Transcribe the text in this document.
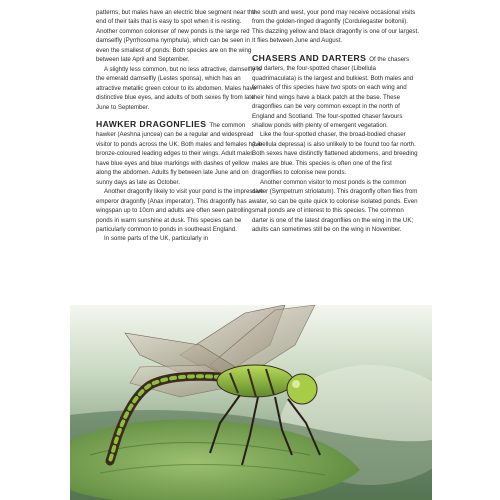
patterns, but males have an electric blue segment near the end of their tails that is easy to spot when it is resting. Another common coloniser of new ponds is the large red damselfly (Pyrrhosoma nymphula), which can be seen in even the smallest of ponds. Both species are on the wing between late April and September.

A slightly less common, but no less attractive, damselfly is the emerald damselfly (Lestes sponsa), which has an attractive metallic green colour to its abdomen. Males have distinctive blue eyes, and adults of both sexes fly from late June to September.

HAWKER DRAGONFLIES The common hawker (Aeshna juncea) can be a regular and widespread visitor to ponds across the UK. Both males and females have bronze-coloured leading edges to their wings. Adult males have blue eyes and blue markings with dashes of yellow along the abdomen. Adults fly between late June and on sunny days as late as October.

Another dragonfly likely to visit your pond is the impressive emperor dragonfly (Anax imperator). This dragonfly has a wingspan up to 10cm and adults are often seen patrolling ponds in warm sunshine at dusk. This species can be particularly common to ponds in southeast England.

In some parts of the UK, particularly in

the south and west, your pond may receive occasional visits from the golden-ringed dragonfly (Cordulegaster boltonii). This dazzling yellow and black dragonfly is one of our largest. It flies between June and August.

CHASERS AND DARTERS Of the chasers and darters, the four-spotted chaser (Libellula quadrimaculata) is the largest and bulkiest. Both males and females of this species have two spots on each wing and their hind wings have a black patch at the base. These dragonflies can be very common except in the north of England and Scotland. The four-spotted chaser favours shallow ponds with plenty of emergent vegetation.

Like the four-spotted chaser, the broad-bodied chaser (Libellula depressa) is also unlikely to be found too far north. Both sexes have distinctly flattened abdomens, and breeding males are blue. This species is often one of the first dragonflies to colonise new ponds.

Another common visitor to most ponds is the common darter (Sympetrum striolatum). This dragonfly often flies from water, so can be quite quick to colonise isolated ponds. Even small ponds are of interest to this species. The common darter is one of the latest dragonflies on the wing in the UK; adults can sometimes still be on the wing in November.
